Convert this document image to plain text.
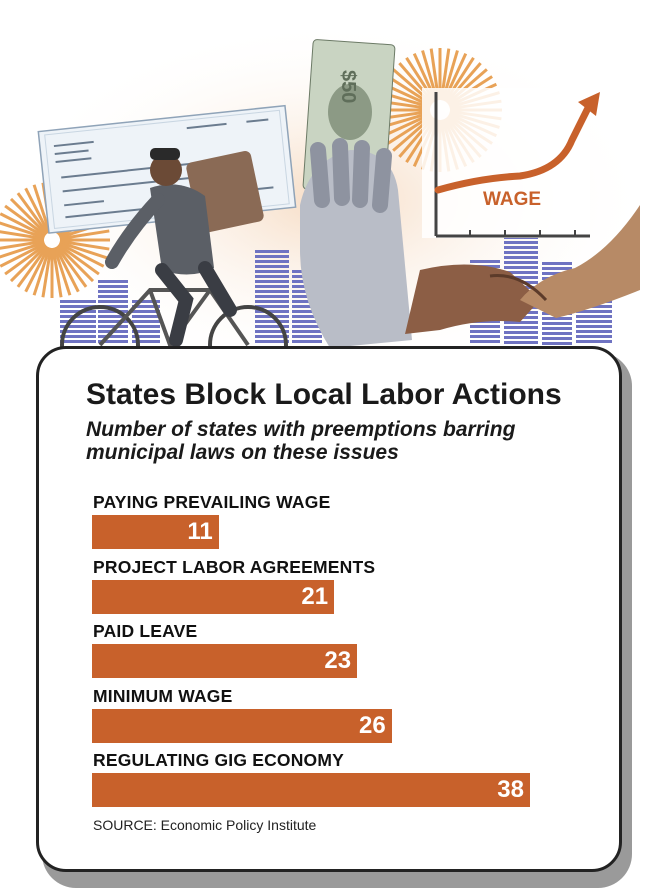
$50
WAGE
States Block Local Labor Actions
Number of states with preemptions barring municipal laws on these issues
PAYING PREVAILING WAGE
11
PROJECT LABOR AGREEMENTS
21
PAID LEAVE
23
MINIMUM WAGE
26
REGULATING GIG ECONOMY
38
SOURCE: Economic Policy Institute
